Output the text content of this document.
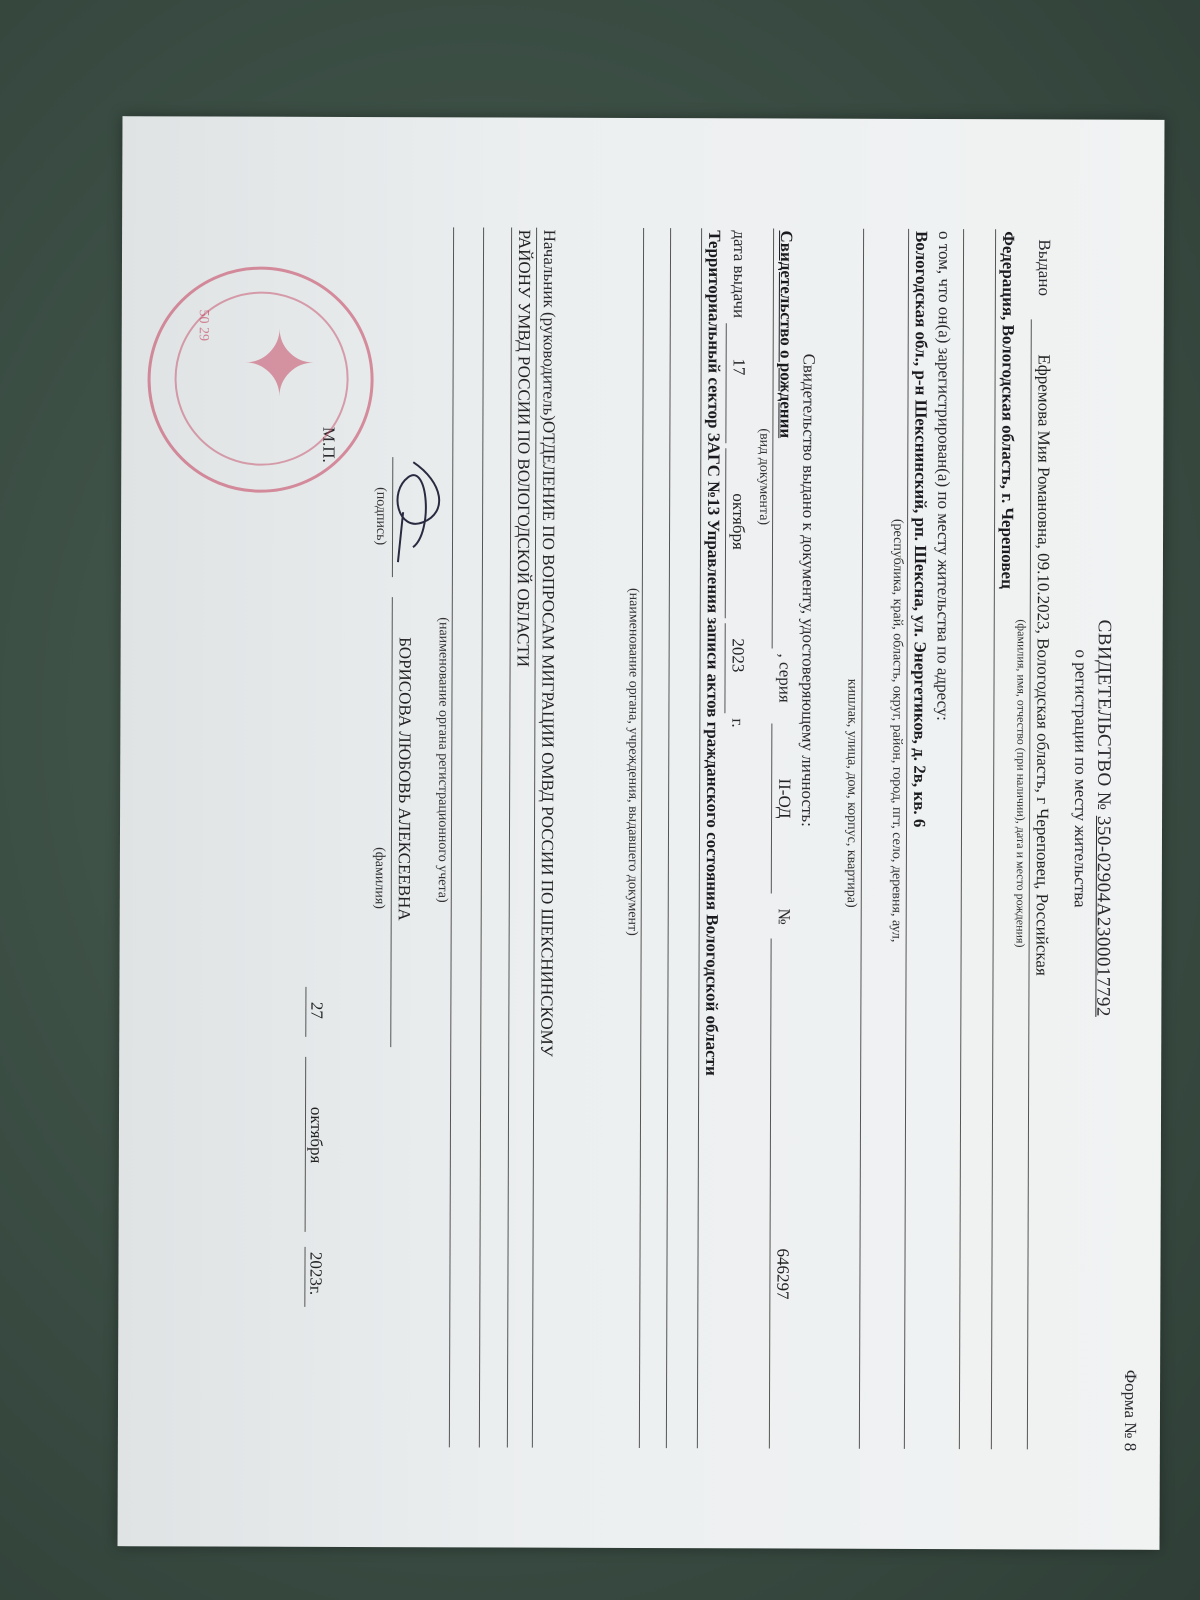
Форма № 8
СВИДЕТЕЛЬСТВО № 350-02904А2300017792
о регистрации по месту жительства
Выдано
Ефремова Мия Романовна, 09.10.2023, Вологодская область, г Череповец, Российская
(фамилия, имя, отчество (при наличии), дата и место рождения)
Федерация, Вологодская область, г. Череповец
о том, что он(а) зарегистрирован(а) по месту жительства по адресу:
Вологодская обл., р-н Шекснинский, рп. Шексна, ул. Энергетиков, д. 2в, кв. 6
(республика, край, область, округ, район, город, пгт, село, деревня, аул,
кишлак, улица, дом, корпус, квартира)
Свидетельство выдано к документу, удостоверяющему личность:
Свидетельство о рождении
(вид документа)
, серия
II-ОД
№
646297
дата выдачи
17
октября
2023
г.
Территориальный сектор ЗАГС №13 Управления записи актов гражданского состояния Вологодской области
(наименование органа, учреждения, выдавшего документ)
Начальник (руководитель)ОТДЕЛЕНИЕ ПО ВОПРОСАМ МИГРАЦИИ ОМВД РОССИИ ПО ШЕКСНИНСКОМУ
РАЙОНУ УМВД РОССИИ ПО ВОЛОГОДСКОЙ ОБЛАСТИ
(наименование органа регистрационного учета)
(подпись)
БОРИСОВА ЛЮБОВЬ АЛЕКСЕЕВНА
(фамилия)
М.П.
27
октября
2023г.
✦
50 29
